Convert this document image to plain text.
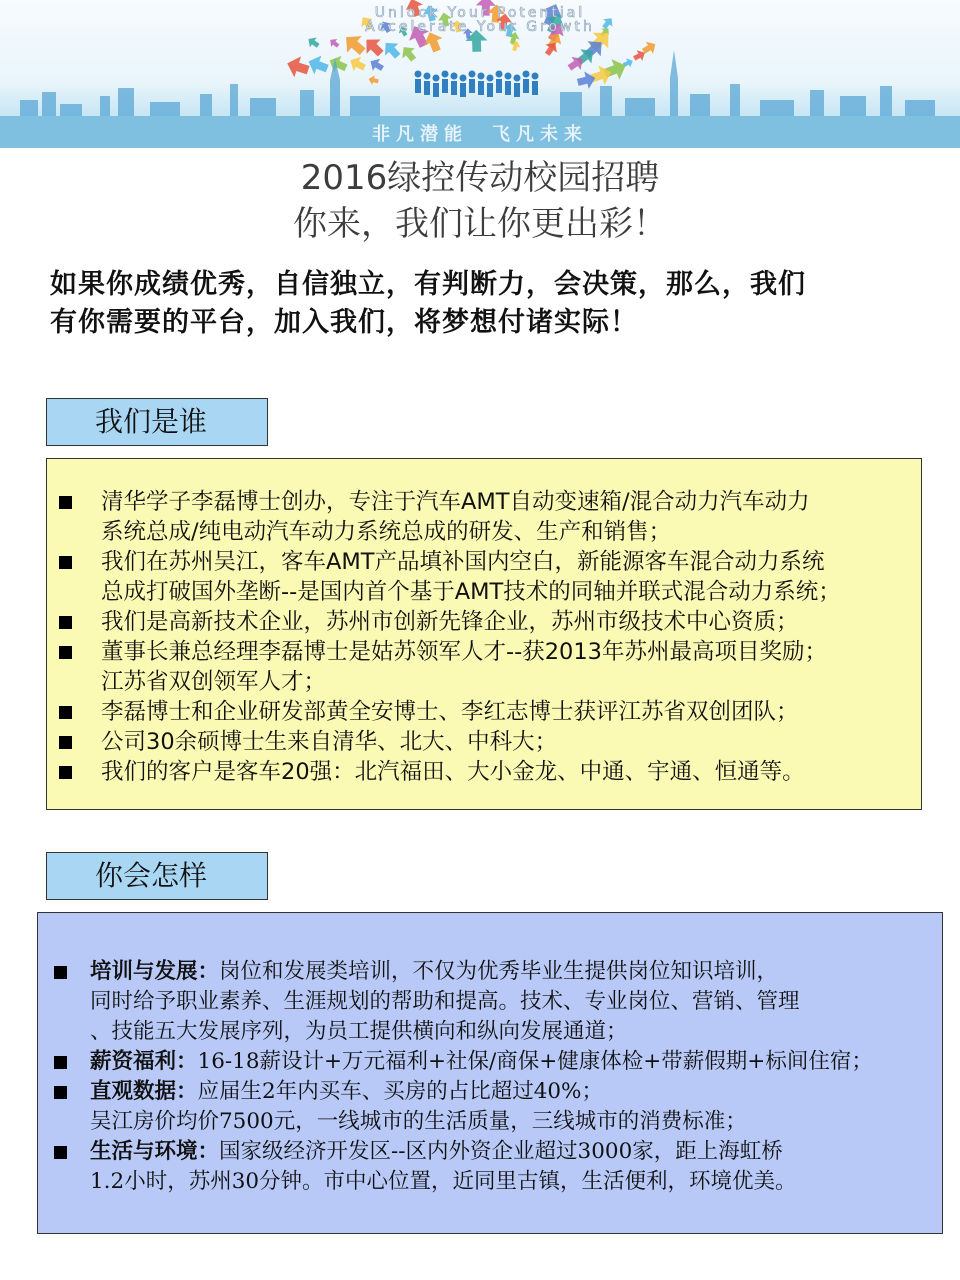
Unlock Your Potential
Accelerate Your Growth
非凡潜能　飞凡未来
2016绿控传动校园招聘
你来，我们让你更出彩！
如果你成绩优秀，自信独立，有判断力，会决策，那么，我们
有你需要的平台，加入我们，将梦想付诸实际！
我们是谁
清华学子李磊博士创办，专注于汽车AMT自动变速箱/混合动力汽车动力
系统总成/纯电动汽车动力系统总成的研发、生产和销售；
我们在苏州吴江，客车AMT产品填补国内空白，新能源客车混合动力系统
总成打破国外垄断--是国内首个基于AMT技术的同轴并联式混合动力系统；
我们是高新技术企业，苏州市创新先锋企业，苏州市级技术中心资质；
董事长兼总经理李磊博士是姑苏领军人才--获2013年苏州最高项目奖励；
江苏省双创领军人才；
李磊博士和企业研发部黄全安博士、李红志博士获评江苏省双创团队；
公司30余硕博士生来自清华、北大、中科大；
我们的客户是客车20强：北汽福田、大小金龙、中通、宇通、恒通等。
你会怎样
培训与发展：岗位和发展类培训，不仅为优秀毕业生提供岗位知识培训，
同时给予职业素养、生涯规划的帮助和提高。技术、专业岗位、营销、管理
、技能五大发展序列，为员工提供横向和纵向发展通道；
薪资福利：16-18薪设计+万元福利+社保/商保+健康体检+带薪假期+标间住宿；
直观数据：应届生2年内买车、买房的占比超过40%；
吴江房价均价7500元，一线城市的生活质量，三线城市的消费标准；
生活与环境：国家级经济开发区--区内外资企业超过3000家，距上海虹桥
1.2小时，苏州30分钟。市中心位置，近同里古镇，生活便利，环境优美。
